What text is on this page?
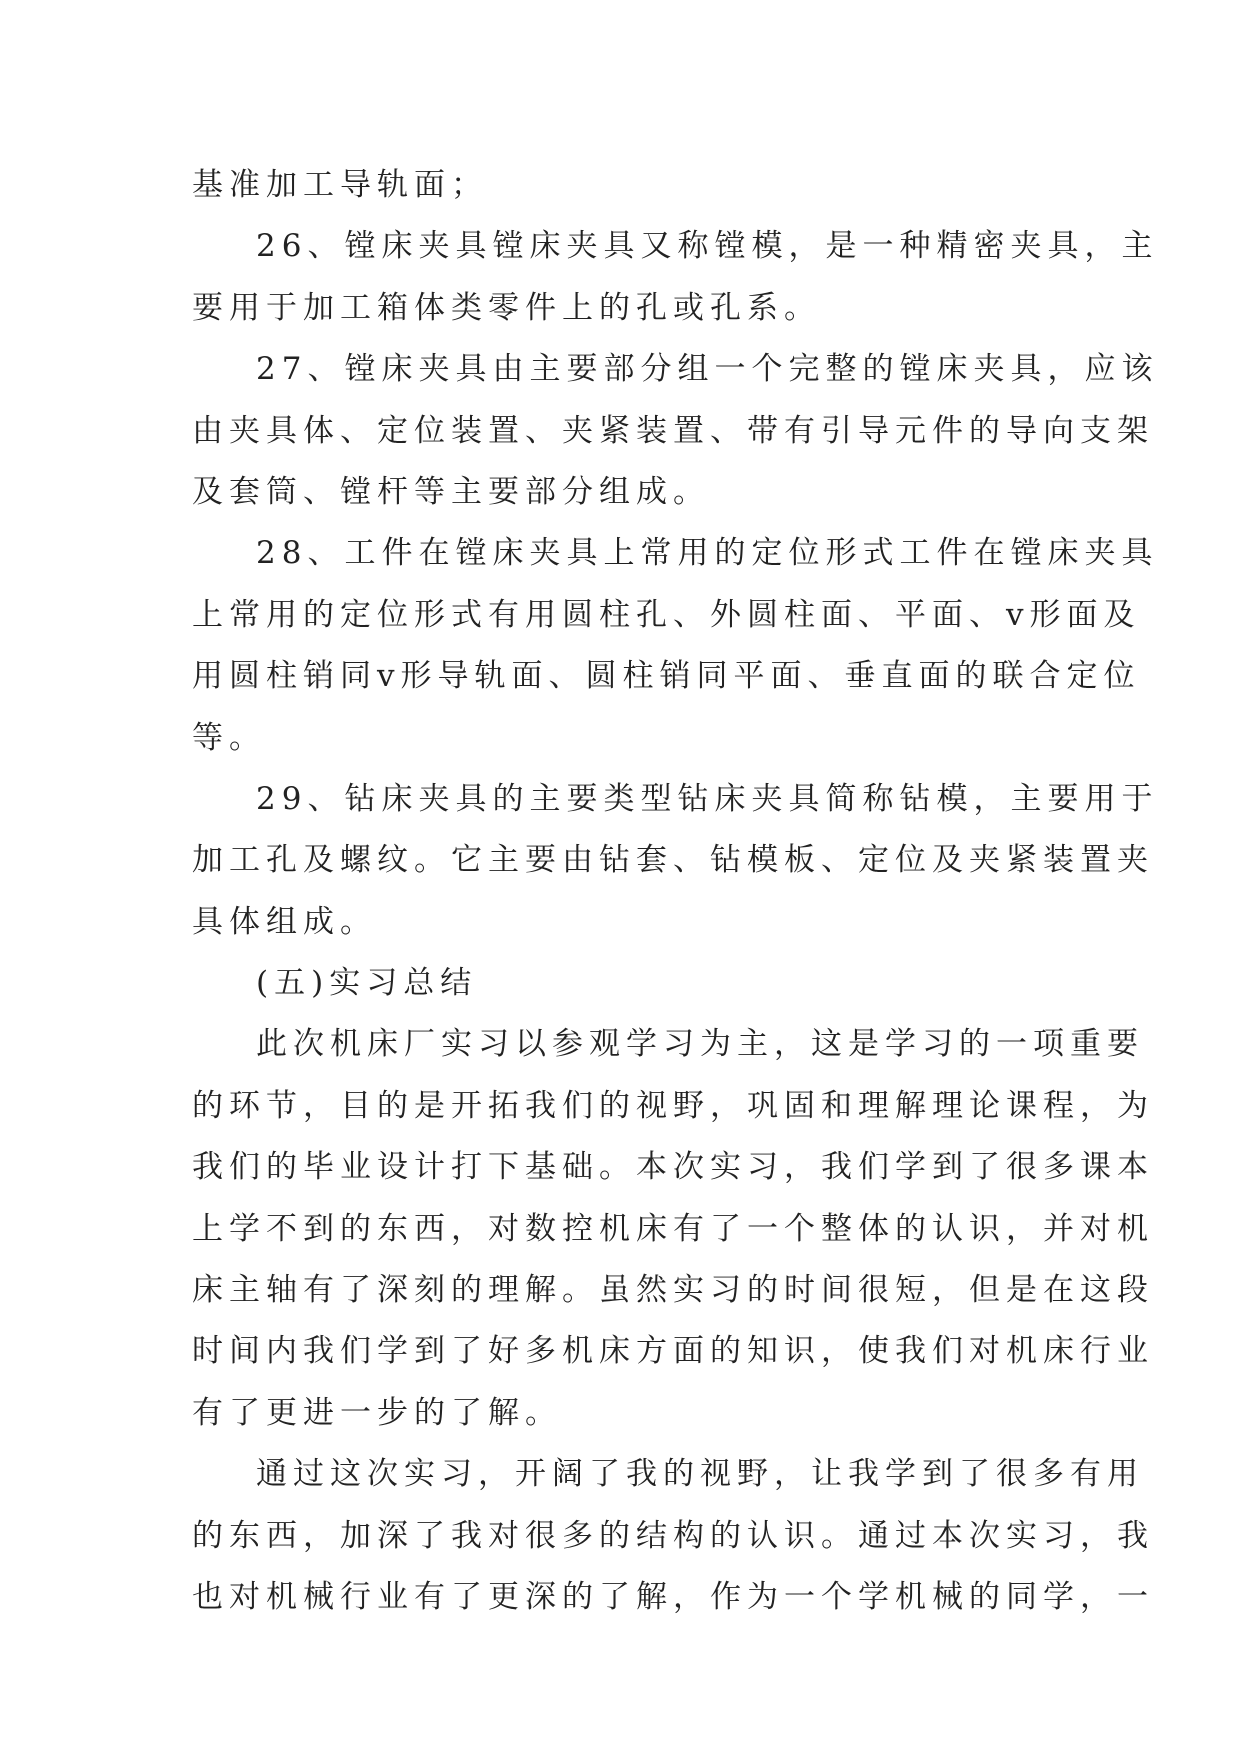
基准加工导轨面；
26、镗床夹具镗床夹具又称镗模，是一种精密夹具，主
要用于加工箱体类零件上的孔或孔系。
27、镗床夹具由主要部分组一个完整的镗床夹具，应该
由夹具体、定位装置、夹紧装置、带有引导元件的导向支架
及套筒、镗杆等主要部分组成。
28、工件在镗床夹具上常用的定位形式工件在镗床夹具
上常用的定位形式有用圆柱孔、外圆柱面、平面、v形面及
用圆柱销同v形导轨面、圆柱销同平面、垂直面的联合定位
等。
29、钻床夹具的主要类型钻床夹具简称钻模，主要用于
加工孔及螺纹。它主要由钻套、钻模板、定位及夹紧装置夹
具体组成。
(五)实习总结
此次机床厂实习以参观学习为主，这是学习的一项重要
的环节，目的是开拓我们的视野，巩固和理解理论课程，为
我们的毕业设计打下基础。本次实习，我们学到了很多课本
上学不到的东西，对数控机床有了一个整体的认识，并对机
床主轴有了深刻的理解。虽然实习的时间很短，但是在这段
时间内我们学到了好多机床方面的知识，使我们对机床行业
有了更进一步的了解。
通过这次实习，开阔了我的视野，让我学到了很多有用
的东西，加深了我对很多的结构的认识。通过本次实习，我
也对机械行业有了更深的了解，作为一个学机械的同学，一
